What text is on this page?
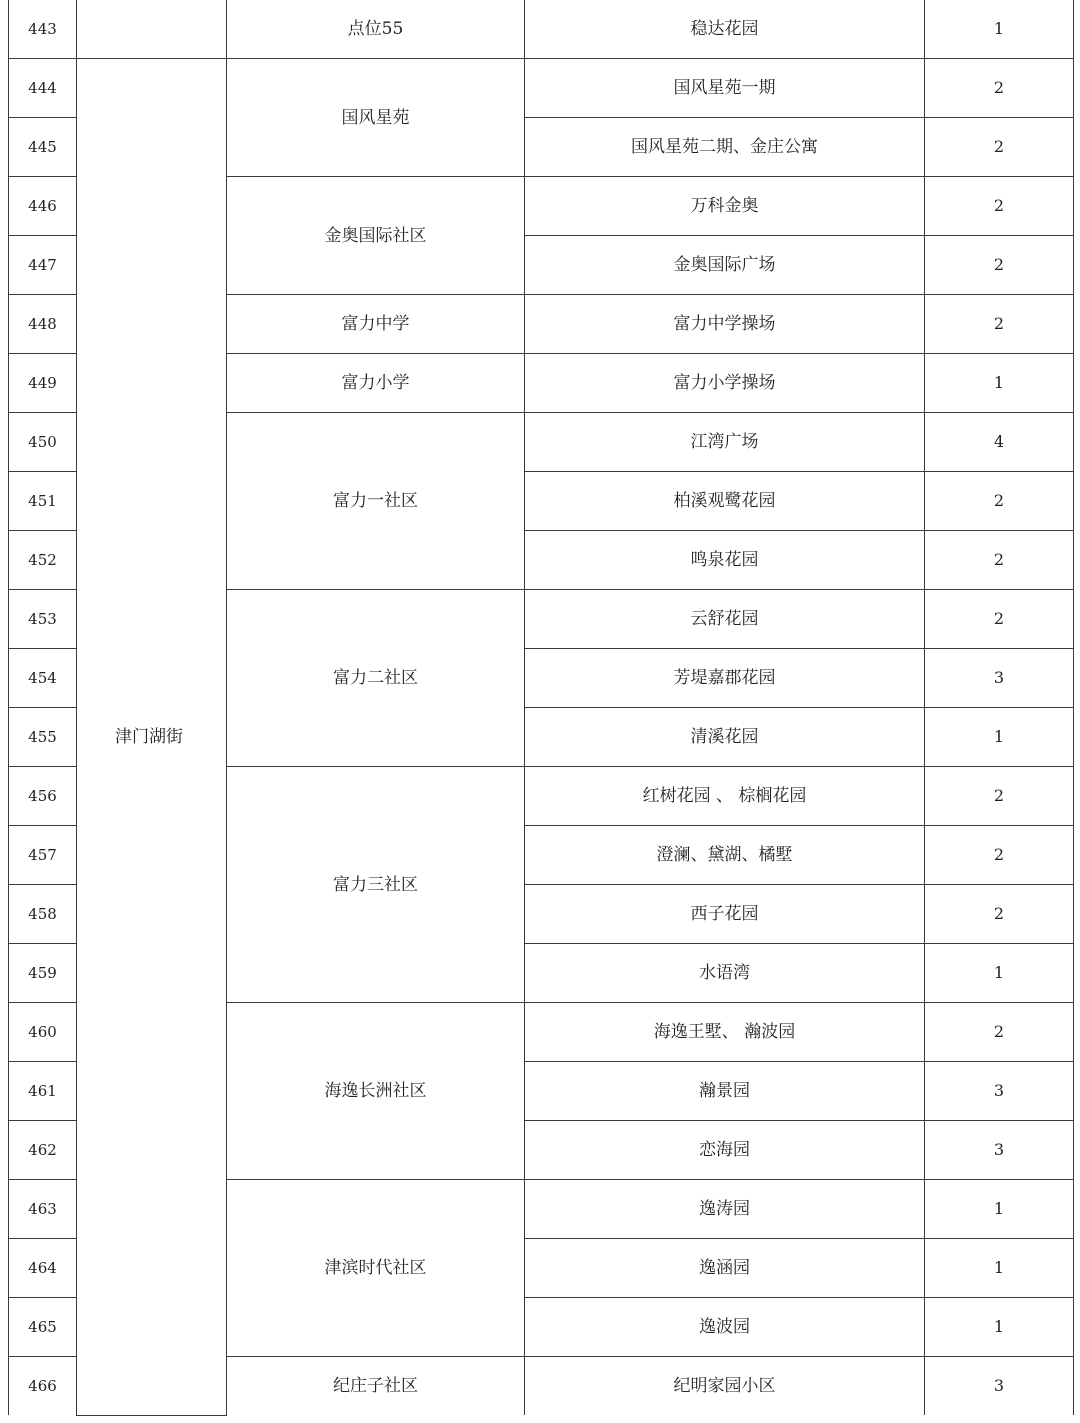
443		点位55	稳达花园	1
444	津门湖街	国风星苑	国风星苑一期	2
445			国风星苑二期、金庄公寓	2
446		金奥国际社区	万科金奥	2
447			金奥国际广场	2
448		富力中学	富力中学操场	2
449		富力小学	富力小学操场	1
450		富力一社区	江湾广场	4
451			柏溪观鹭花园	2
452			鸣泉花园	2
453		富力二社区	云舒花园	2
454			芳堤嘉郡花园	3
455			清溪花园	1
456		富力三社区	红树花园 、 棕榈花园	2
457			澄澜、黛湖、橘墅	2
458			西子花园	2
459			水语湾	1
460		海逸长洲社区	海逸王墅、 瀚波园	2
461			瀚景园	3
462			恋海园	3
463		津滨时代社区	逸涛园	1
464			逸涵园	1
465			逸波园	1
466		纪庄子社区	纪明家园小区	3
